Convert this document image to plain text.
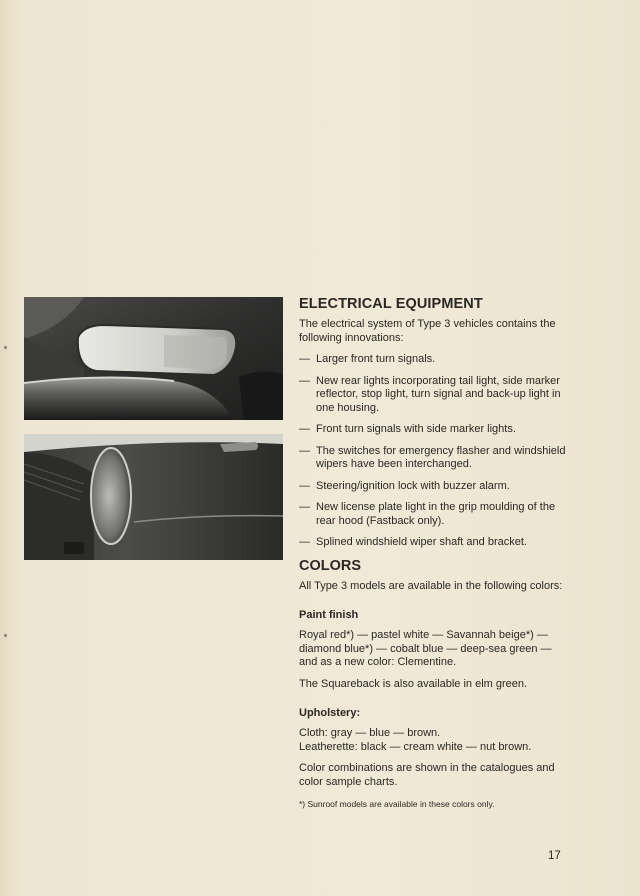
ELECTRICAL EQUIPMENT

The electrical system of Type 3 vehicles contains the following innovations:

— Larger front turn signals.
— New rear lights incorporating tail light, side marker reflector, stop light, turn signal and back-up light in one housing.
— Front turn signals with side marker lights.
— The switches for emergency flasher and windshield wipers have been interchanged.
— Steering/ignition lock with buzzer alarm.
— New license plate light in the grip moulding of the rear hood (Fastback only).
— Splined windshield wiper shaft and bracket.
COLORS

All Type 3 models are available in the following colors:

Paint finish

Royal red*) — pastel white — Savannah beige*) — diamond blue*) — cobalt blue — deep-sea green — and as a new color: Clementine.

The Squareback is also available in elm green.

Upholstery:

Cloth: gray — blue — brown.

Leatherette: black — cream white — nut brown.

Color combinations are shown in the catalogues and color sample charts.

*) Sunroof models are available in these colors only.

17
